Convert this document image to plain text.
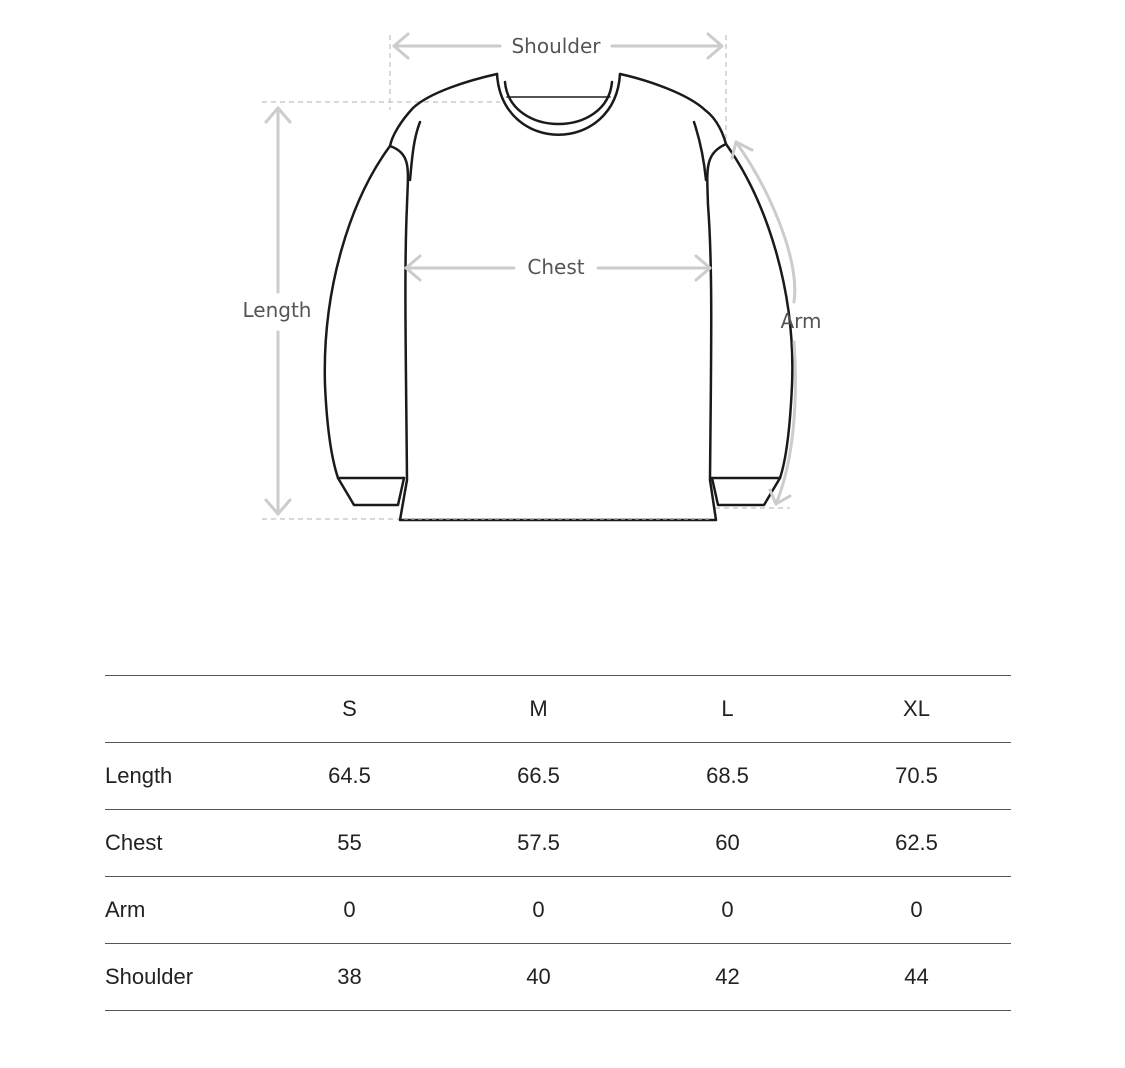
Shoulder
Chest
Length	Arm
	S	M	L	XL
Length	64.5	66.5	68.5	70.5
Chest	55	57.5	60	62.5
Arm	0	0	0	0
Shoulder	38	40	42	44
